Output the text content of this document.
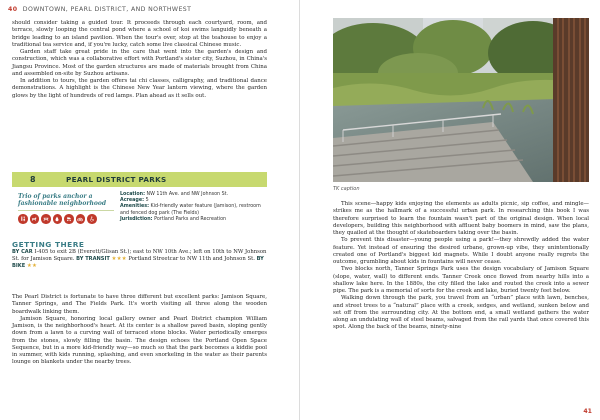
40 DOWNTOWN, PEARL DISTRICT, AND NORTHWEST

should consider taking a guided tour. It proceeds through each courtyard, room, and terrace, slowly looping the central pond where a school of koi swims languidly beneath a bridge leading to an island pavilion. When the tour's over, stop at the teahouse to enjoy a traditional tea service and, if you're lucky, catch some live classical Chinese music.

Garden staff take great pride in the care that went into the garden's design and construction, which was a collaborative effort with Portland's sister city, Suzhou, in China's Jiangsu Province. Most of the garden structures are made of materials brought from China and assembled on-site by Suzhou artisans.

In addition to tours, the garden offers tai chi classes, calligraphy, and traditional dance demonstrations. A highlight is the Chinese New Year lantern viewing, where the garden glows by the light of hundreds of red lamps. Plan ahead as it sells out.

8	PEARL DISTRICT PARKS
Trio of parks anchor a fashionable neighborhood
Location: NW 11th Ave. and NW Johnson St.
Acreage: 5
Amenities: Kid-friendly water feature (Jamison), restroom and fenced dog park (The Fields)
Jurisdiction: Portland Parks and Recreation
GETTING THERE
BY CAR I-405 to exit 2B (Everett/Glisan St.); east to NW 10th Ave.; left on 10th to NW Johnson St. for Jamison Square. BY TRANSIT ★★★ Portland Streetcar to NW 11th and Johnson St. BY BIKE ★★

The Pearl District is fortunate to have three different but excellent parks: Jamison Square, Tanner Springs, and The Fields Park. It's worth visiting all three along the wooden boardwalk linking them.

Jamison Square, honoring local gallery owner and Pearl District champion William Jamison, is the neighborhood's heart. At its center is a shallow paved basin, sloping gently down from a lawn to a curving wall of terraced stone blocks. Water periodically emerges from the stones, slowly filling the basin. The design echoes the Portland Open Space Sequence, but in a more kid-friendly way—so much so that the park becomes a kiddie pool in summer, with kids running, splashing, and even snorkeling in the water as their parents lounge on blankets under the nearby trees.

TK caption

This scene—happy kids enjoying the elements as adults picnic, sip coffee, and mingle—strikes me as the hallmark of a successful urban park. In researching this book I was therefore surprised to learn the fountain wasn't part of the original design. When local developers, building this neighborhood with affluent baby boomers in mind, saw the plans, they quailed at the thought of skateboarders taking over the basin.

To prevent this disaster—young people using a park!—they shrewdly added the water feature. Yet instead of ensuring the desired urbane, grown-up vibe, they unintentionally created one of Portland's biggest kid magnets. While I doubt anyone really regrets the outcome, grumbling about kids in fountains will never cease.

Two blocks north, Tanner Springs Park uses the design vocabulary of Jamison Square (slope, water, wall) to different ends. Tanner Creek once flowed from nearby hills into a shallow lake here. In the 1880s, the city filled the lake and routed the creek into a sewer pipe. The park is a memorial of sorts for the creek and lake, buried twenty feet below.

Walking down through the park, you travel from an “urban” place with lawn, benches, and street trees to a “natural” place with a creek, sedges, and wetland, sunken below and set off from the surrounding city. At the bottom end, a small wetland gathers the water along an undulating wall of steel beams, salvaged from the rail yards that once covered this spot. Along the back of the beams, ninety-nine

41
